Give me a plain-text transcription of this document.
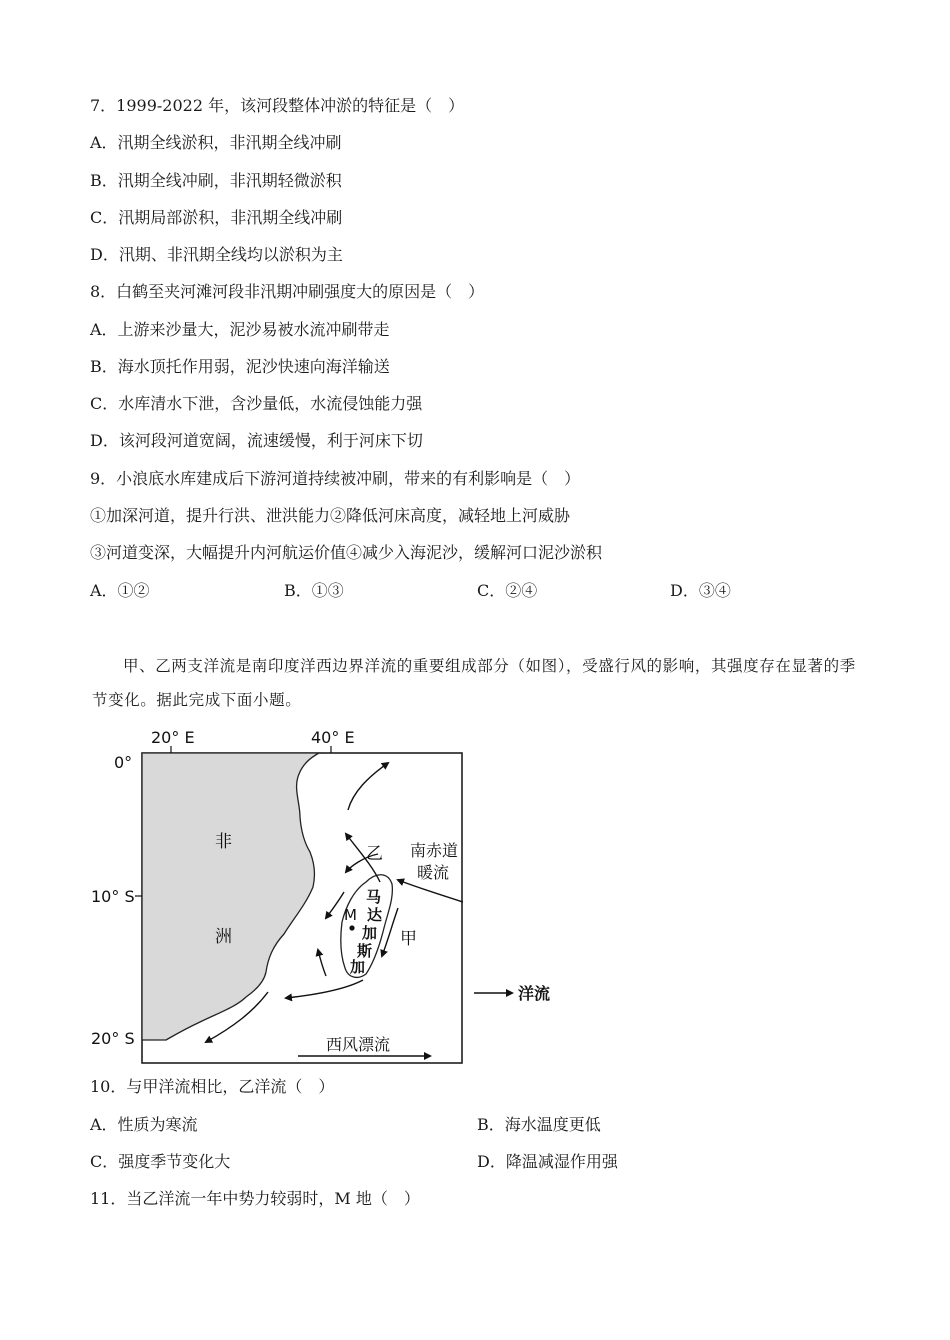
7．1999-2022 年，该河段整体冲淤的特征是（　）
A．汛期全线淤积，非汛期全线冲刷
B．汛期全线冲刷，非汛期轻微淤积
C．汛期局部淤积，非汛期全线冲刷
D．汛期、非汛期全线均以淤积为主
8．白鹤至夹河滩河段非汛期冲刷强度大的原因是（　）
A．上游来沙量大，泥沙易被水流冲刷带走
B．海水顶托作用弱，泥沙快速向海洋输送
C．水库清水下泄，含沙量低，水流侵蚀能力强
D．该河段河道宽阔，流速缓慢，利于河床下切
9．小浪底水库建成后下游河道持续被冲刷，带来的有利影响是（　）
①加深河道，提升行洪、泄洪能力②降低河床高度，减轻地上河威胁
③河道变深，大幅提升内河航运价值④减少入海泥沙，缓解河口泥沙淤积
A．①②	B．①③	C．②④	D．③④
甲、乙两支洋流是南印度洋西边界洋流的重要组成部分（如图），受盛行风的影响，其强度存在显著的季节变化。据此完成下面小题。
20° E	40° E
0°
10° S
20° S
非
洲
乙
甲
M
马
达
加
斯
加
南赤道
暖流
西风漂流
洋流
10．与甲洋流相比，乙洋流（　）
A．性质为寒流	B．海水温度更低
C．强度季节变化大	D．降温减湿作用强
11．当乙洋流一年中势力较弱时，M 地（　）
